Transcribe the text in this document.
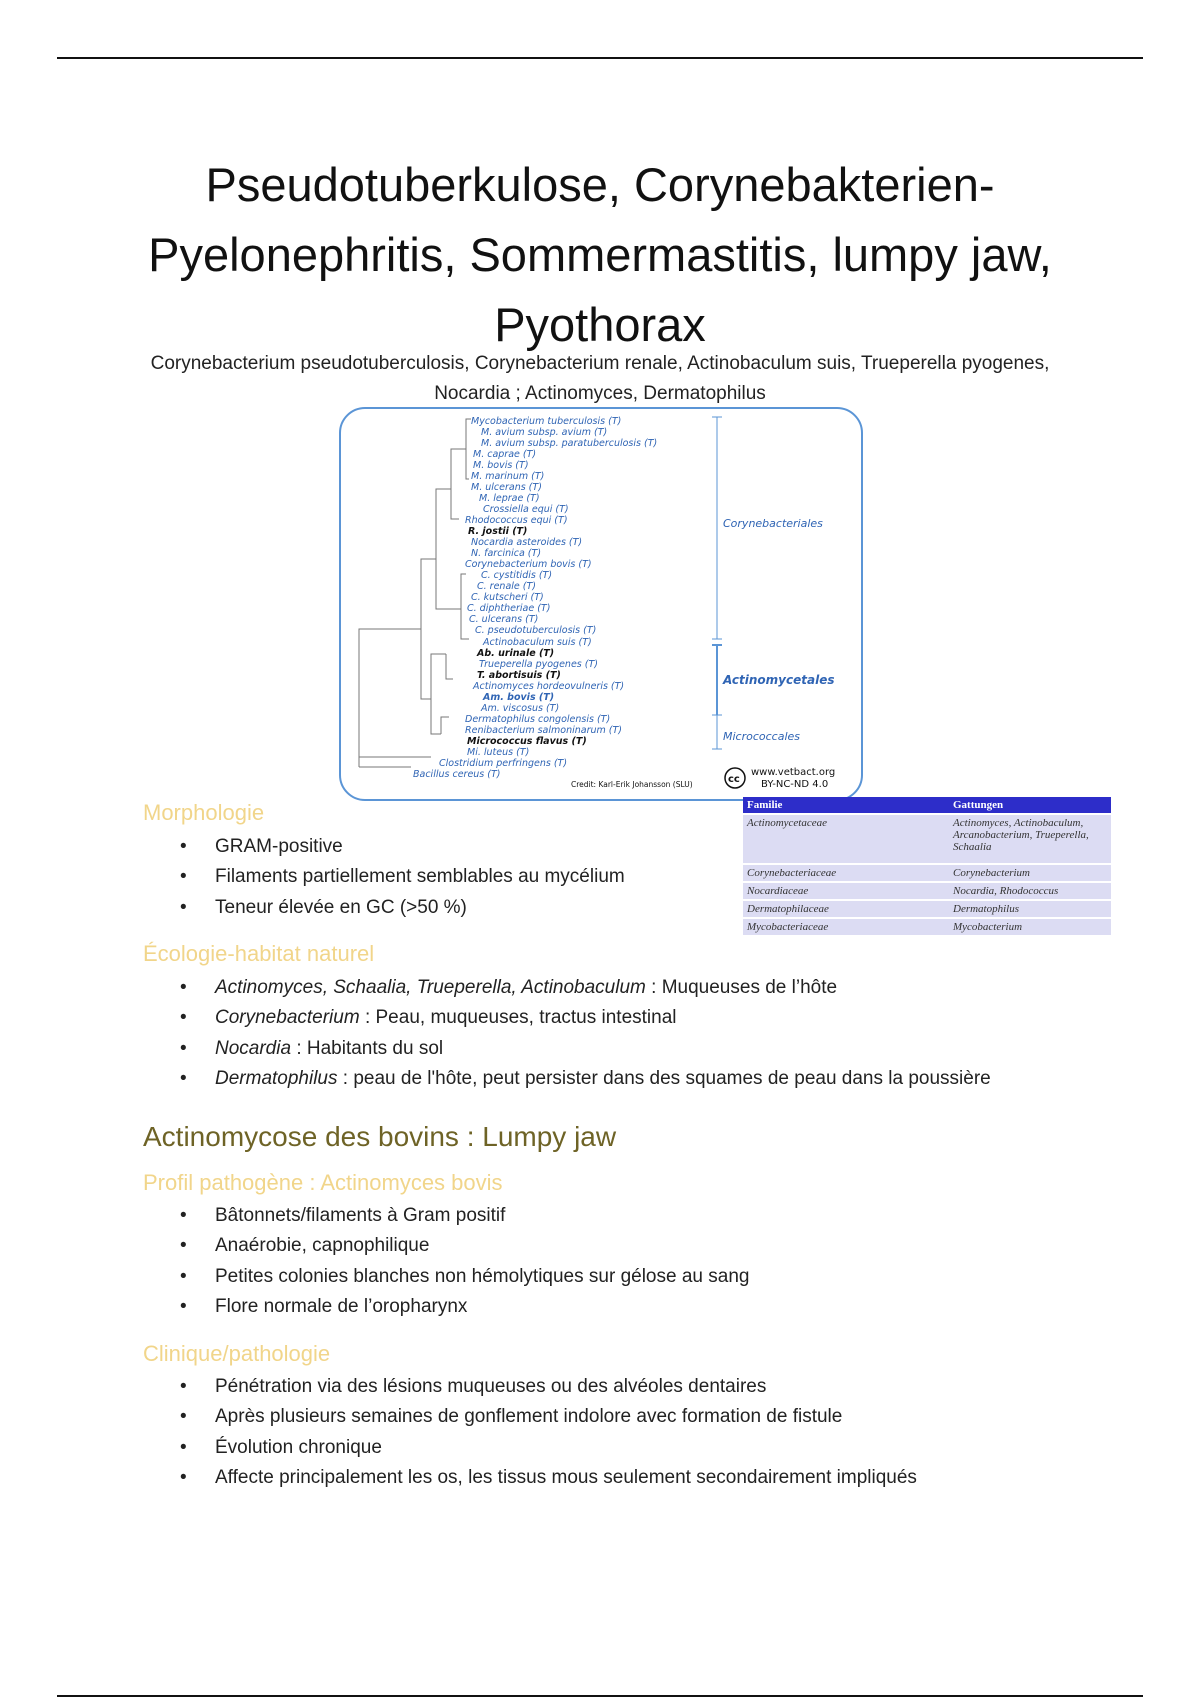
Pseudotuberkulose, Corynebakterien-Pyelonephritis, Sommermastitis, lumpy jaw, Pyothorax

Corynebacterium pseudotuberculosis, Corynebacterium renale, Actinobaculum suis, Trueperella pyogenes, Nocardia ; Actinomyces, Dermatophilus

Mycobacterium tuberculosis (T)
M. avium subsp. avium (T)
M. avium subsp. paratuberculosis (T)
M. caprae (T)
M. bovis (T)
M. marinum (T)
M. ulcerans (T)
M. leprae (T)
Crossiella equi (T)
Rhodococcus equi (T)
R. jostii (T)
Nocardia asteroides (T)
N. farcinica (T)
Corynebacterium bovis (T)
C. cystitidis (T)
C. renale (T)
C. kutscheri (T)
C. diphtheriae (T)
C. ulcerans (T)
C. pseudotuberculosis (T)
Actinobaculum suis (T)
Ab. urinale (T)
Trueperella pyogenes (T)
T. abortisuis (T)
Actinomyces hordeovulneris (T)
Am. bovis (T)
Am. viscosus (T)
Dermatophilus congolensis (T)
Renibacterium salmoninarum (T)
Micrococcus flavus (T)
Mi. luteus (T)
Clostridium perfringens (T)
Bacillus cereus (T)
Corynebacteriales
Actinomycetales
Micrococcales
cc
www.vetbact.org
BY-NC-ND 4.0
Credit: Karl-Erik Johansson (SLU)
Morphologie
• GRAM-positive
• Filaments partiellement semblables au mycélium
• Teneur élevée en GC (>50 %)
Familie	Gattungen
Actinomycetaceae	Actinomyces, Actinobaculum, Arcanobacterium, Trueperella, Schaalia
Corynebacteriaceae	Corynebacterium
Nocardiaceae	Nocardia, Rhodococcus
Dermatophilaceae	Dermatophilus
Mycobacteriaceae	Mycobacterium
Écologie-habitat naturel
• Actinomyces, Schaalia, Trueperella, Actinobaculum : Muqueuses de l’hôte
• Corynebacterium : Peau, muqueuses, tractus intestinal
• Nocardia : Habitants du sol
• Dermatophilus : peau de l'hôte, peut persister dans des squames de peau dans la poussière
Actinomycose des bovins : Lumpy jaw
Profil pathogène : Actinomyces bovis
• Bâtonnets/filaments à Gram positif
• Anaérobie, capnophilique
• Petites colonies blanches non hémolytiques sur gélose au sang
• Flore normale de l’oropharynx
Clinique/pathologie
• Pénétration via des lésions muqueuses ou des alvéoles dentaires
• Après plusieurs semaines de gonflement indolore avec formation de fistule
• Évolution chronique
• Affecte principalement les os, les tissus mous seulement secondairement impliqués
